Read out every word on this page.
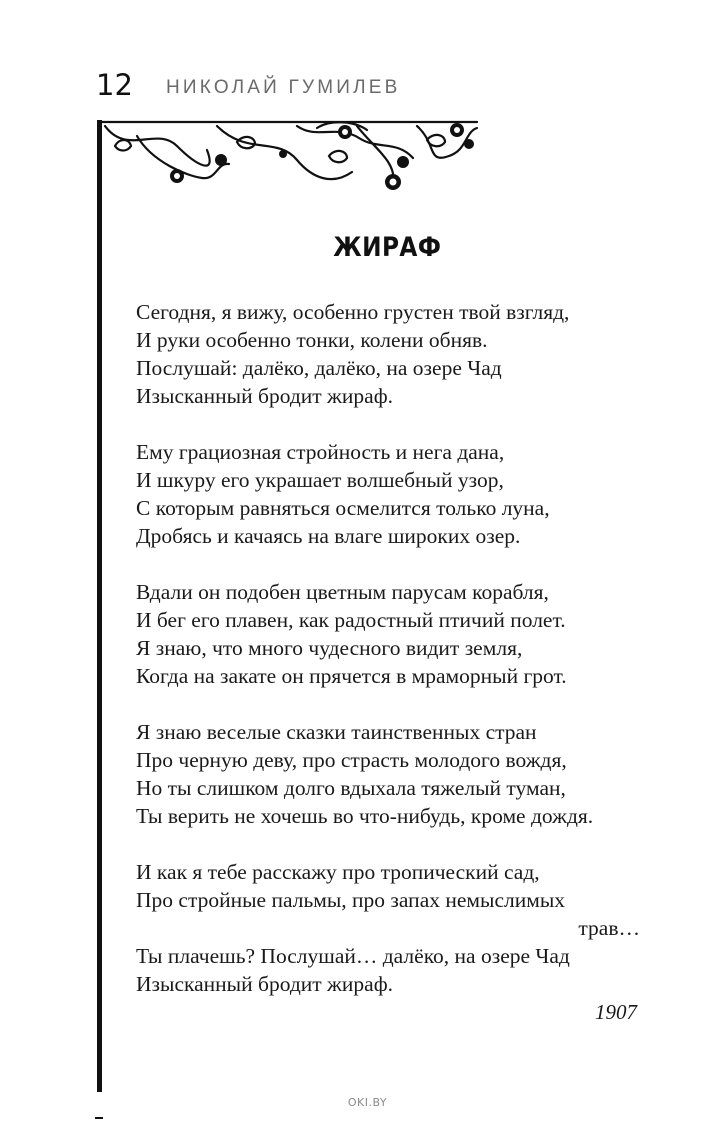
12 НИКОЛАЙ ГУМИЛЕВ
ЖИРАФ
Сегодня, я вижу, особенно грустен твой взгляд,
И руки особенно тонки, колени обняв.
Послушай: далёко, далёко, на озере Чад
Изысканный бродит жираф.
Ему грациозная стройность и нега дана,
И шкуру его украшает волшебный узор,
С которым равняться осмелится только луна,
Дробясь и качаясь на влаге широких озер.
Вдали он подобен цветным парусам корабля,
И бег его плавен, как радостный птичий полет.
Я знаю, что много чудесного видит земля,
Когда на закате он прячется в мраморный грот.
Я знаю веселые сказки таинственных стран
Про черную деву, про страсть молодого вождя,
Но ты слишком долго вдыхала тяжелый туман,
Ты верить не хочешь во что-нибудь, кроме дождя.
И как я тебе расскажу про тропический сад,
Про стройные пальмы, про запах немыслимых
трав…
Ты плачешь? Послушай… далёко, на озере Чад
Изысканный бродит жираф.
1907
OKI.BY
